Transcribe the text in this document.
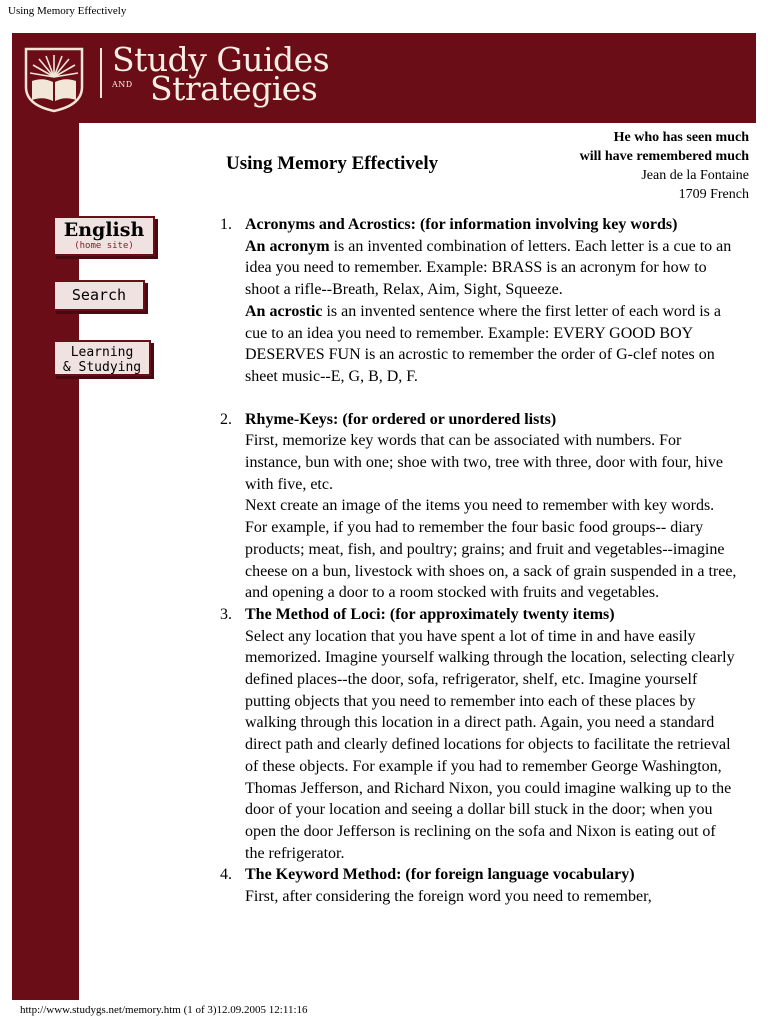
Using Memory Effectively
Study Guides
AND Strategies
English
(home site)
Search
Learning
& Studying
He who has seen much
will have remembered much
Jean de la Fontaine
1709 French
Using Memory Effectively
1. Acronyms and Acrostics: (for information involving key words)
An acronym is an invented combination of letters. Each letter is a cue to an idea you need to remember. Example: BRASS is an acronym for how to shoot a rifle--Breath, Relax, Aim, Sight, Squeeze.
An acrostic is an invented sentence where the first letter of each word is a cue to an idea you need to remember. Example: EVERY GOOD BOY DESERVES FUN is an acrostic to remember the order of G-clef notes on sheet music--E, G, B, D, F.
2. Rhyme-Keys: (for ordered or unordered lists)
First, memorize key words that can be associated with numbers. For instance, bun with one; shoe with two, tree with three, door with four, hive with five, etc.
Next create an image of the items you need to remember with key words. For example, if you had to remember the four basic food groups-- diary products; meat, fish, and poultry; grains; and fruit and vegetables--imagine cheese on a bun, livestock with shoes on, a sack of grain suspended in a tree, and opening a door to a room stocked with fruits and vegetables.
3. The Method of Loci: (for approximately twenty items)
Select any location that you have spent a lot of time in and have easily memorized. Imagine yourself walking through the location, selecting clearly defined places--the door, sofa, refrigerator, shelf, etc. Imagine yourself putting objects that you need to remember into each of these places by walking through this location in a direct path. Again, you need a standard direct path and clearly defined locations for objects to facilitate the retrieval of these objects. For example if you had to remember George Washington, Thomas Jefferson, and Richard Nixon, you could imagine walking up to the door of your location and seeing a dollar bill stuck in the door; when you open the door Jefferson is reclining on the sofa and Nixon is eating out of the refrigerator.
4. The Keyword Method: (for foreign language vocabulary)
First, after considering the foreign word you need to remember,
http://www.studygs.net/memory.htm (1 of 3)12.09.2005 12:11:16
